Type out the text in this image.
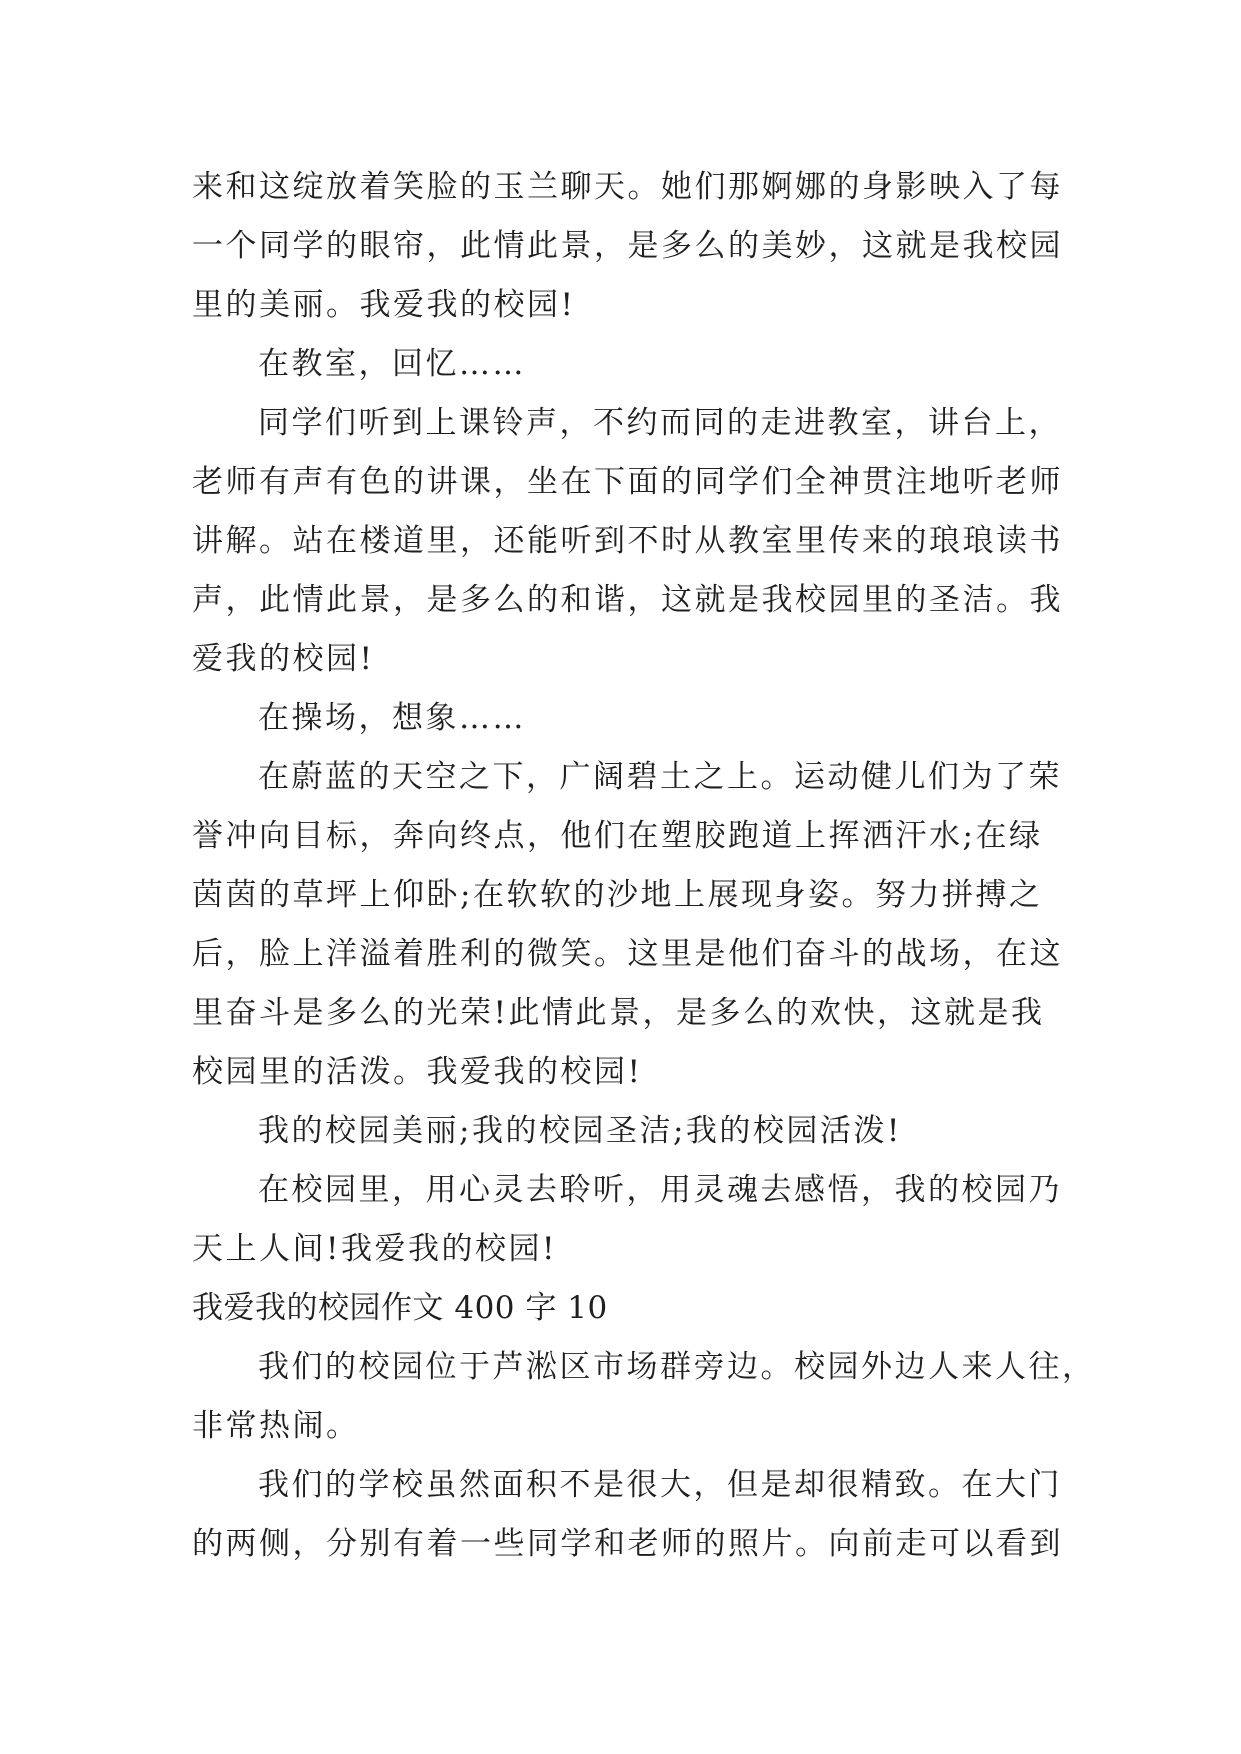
来和这绽放着笑脸的玉兰聊天。她们那婀娜的身影映入了每
一个同学的眼帘，此情此景，是多么的美妙，这就是我校园
里的美丽。我爱我的校园!
在教室，回忆……
同学们听到上课铃声，不约而同的走进教室，讲台上，
老师有声有色的讲课，坐在下面的同学们全神贯注地听老师
讲解。站在楼道里，还能听到不时从教室里传来的琅琅读书
声，此情此景，是多么的和谐，这就是我校园里的圣洁。我
爱我的校园!
在操场，想象……
在蔚蓝的天空之下，广阔碧土之上。运动健儿们为了荣
誉冲向目标，奔向终点，他们在塑胶跑道上挥洒汗水;在绿
茵茵的草坪上仰卧;在软软的沙地上展现身姿。努力拼搏之
后，脸上洋溢着胜利的微笑。这里是他们奋斗的战场，在这
里奋斗是多么的光荣!此情此景，是多么的欢快，这就是我
校园里的活泼。我爱我的校园!
我的校园美丽;我的校园圣洁;我的校园活泼!
在校园里，用心灵去聆听，用灵魂去感悟，我的校园乃
天上人间!我爱我的校园!
我爱我的校园作文 400 字 10
我们的校园位于芦淞区市场群旁边。校园外边人来人往，
非常热闹。
我们的学校虽然面积不是很大，但是却很精致。在大门
的两侧，分别有着一些同学和老师的照片。向前走可以看到
